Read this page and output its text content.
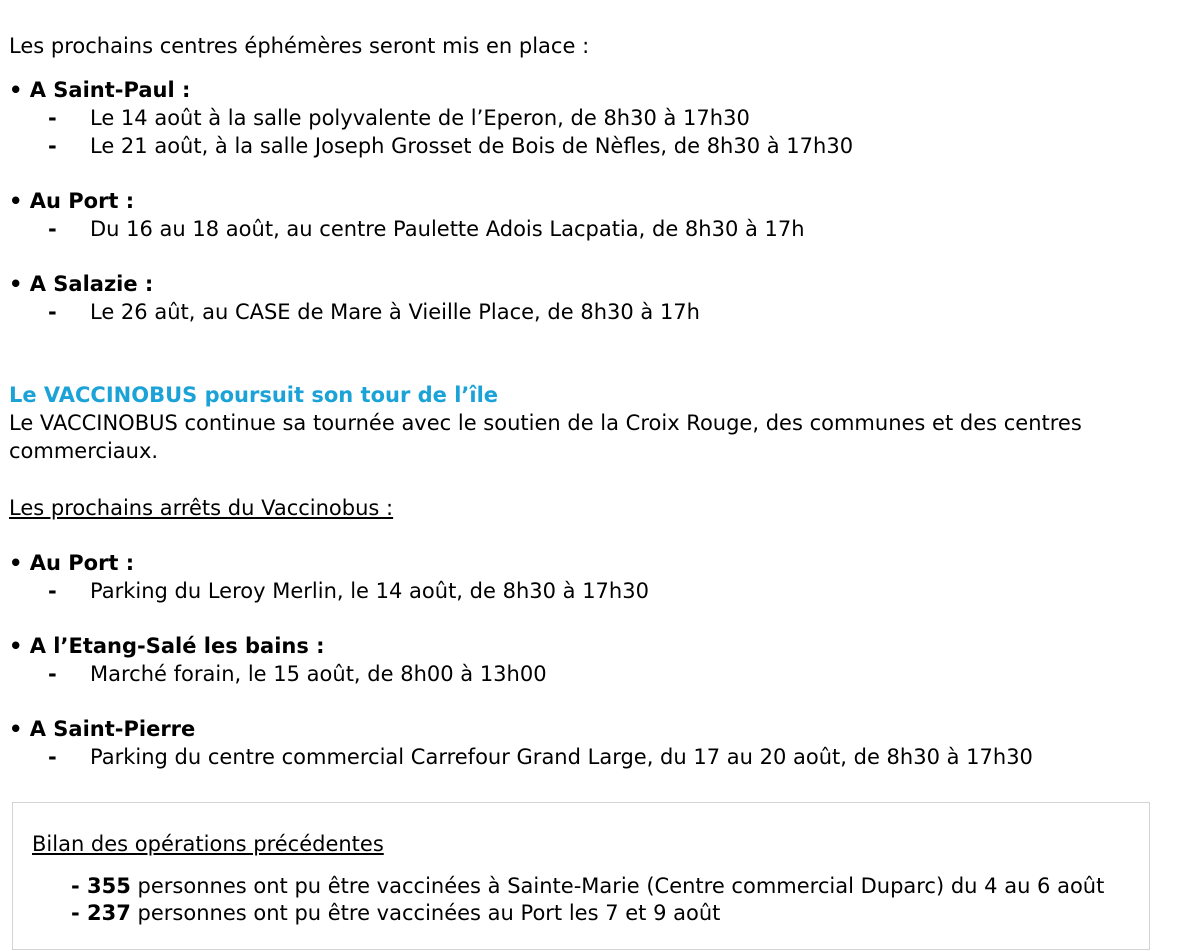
Les prochains centres éphémères seront mis en place :
• A Saint-Paul :
- Le 14 août à la salle polyvalente de l’Eperon, de 8h30 à 17h30
- Le 21 août, à la salle Joseph Grosset de Bois de Nèfles, de 8h30 à 17h30
• Au Port :
- Du 16 au 18 août, au centre Paulette Adois Lacpatia, de 8h30 à 17h
• A Salazie :
- Le 26 aût, au CASE de Mare à Vieille Place, de 8h30 à 17h
Le VACCINOBUS poursuit son tour de l’île
Le VACCINOBUS continue sa tournée avec le soutien de la Croix Rouge, des communes et des centres commerciaux.
Les prochains arrêts du Vaccinobus :
• Au Port :
- Parking du Leroy Merlin, le 14 août, de 8h30 à 17h30
• A l’Etang-Salé les bains :
- Marché forain, le 15 août, de 8h00 à 13h00
• A Saint-Pierre
- Parking du centre commercial Carrefour Grand Large, du 17 au 20 août, de 8h30 à 17h30
Bilan des opérations précédentes
- 355 personnes ont pu être vaccinées à Sainte-Marie (Centre commercial Duparc) du 4 au 6 août
- 237 personnes ont pu être vaccinées au Port les 7 et 9 août
